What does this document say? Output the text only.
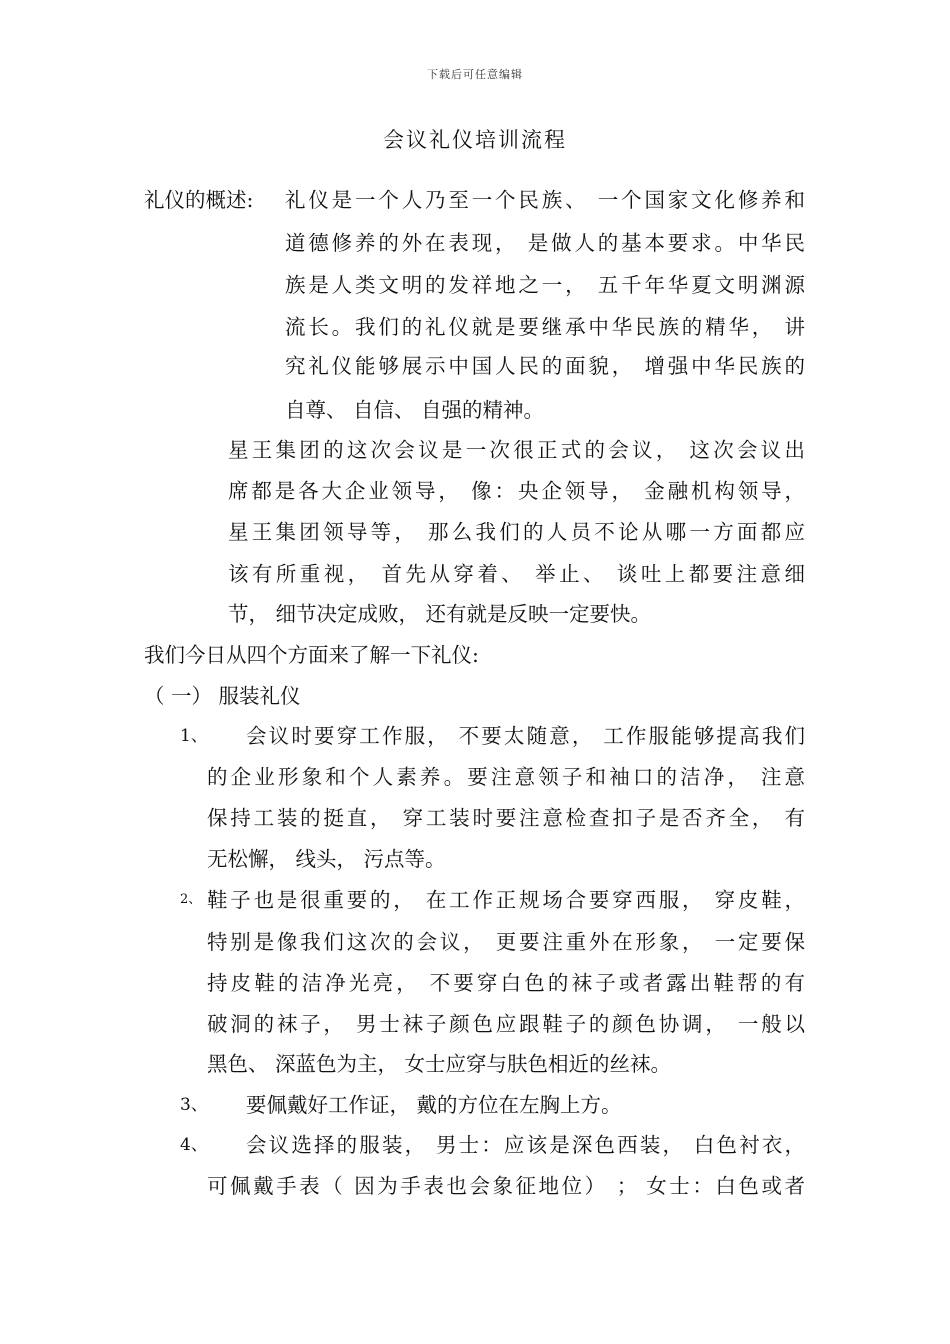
下载后可任意编辑
会议礼仪培训流程
礼仪的概述: 礼仪是一个人乃至一个民族、 一个国家文化修养和
道德修养的外在表现， 是做人的基本要求。中华民
族是人类文明的发祥地之一， 五千年华夏文明渊源
流长。我们的礼仪就是要继承中华民族的精华， 讲
究礼仪能够展示中国人民的面貌， 增强中华民族的
自尊、 自信、 自强的精神。
星王集团的这次会议是一次很正式的会议， 这次会议出
席都是各大企业领导， 像：央企领导， 金融机构领导，
星王集团领导等， 那么我们的人员不论从哪一方面都应
该有所重视， 首先从穿着、 举止、 谈吐上都要注意细
节， 细节决定成败， 还有就是反映一定要快。
我们今日从四个方面来了解一下礼仪:
（ 一） 服装礼仪
1、 会议时要穿工作服， 不要太随意， 工作服能够提高我们
的企业形象和个人素养。要注意领子和袖口的洁净， 注意
保持工装的挺直， 穿工装时要注意检查扣子是否齐全， 有
无松懈， 线头， 污点等。
2、 鞋子也是很重要的， 在工作正规场合要穿西服， 穿皮鞋，
特别是像我们这次的会议， 更要注重外在形象， 一定要保
持皮鞋的洁净光亮， 不要穿白色的袜子或者露出鞋帮的有
破洞的袜子， 男士袜子颜色应跟鞋子的颜色协调， 一般以
黑色、 深蓝色为主， 女士应穿与肤色相近的丝袜。
3、 要佩戴好工作证， 戴的方位在左胸上方。
4、 会议选择的服装， 男士：应该是深色西装， 白色衬衣，
可佩戴手表（ 因为手表也会象征地位） ； 女士：白色或者
